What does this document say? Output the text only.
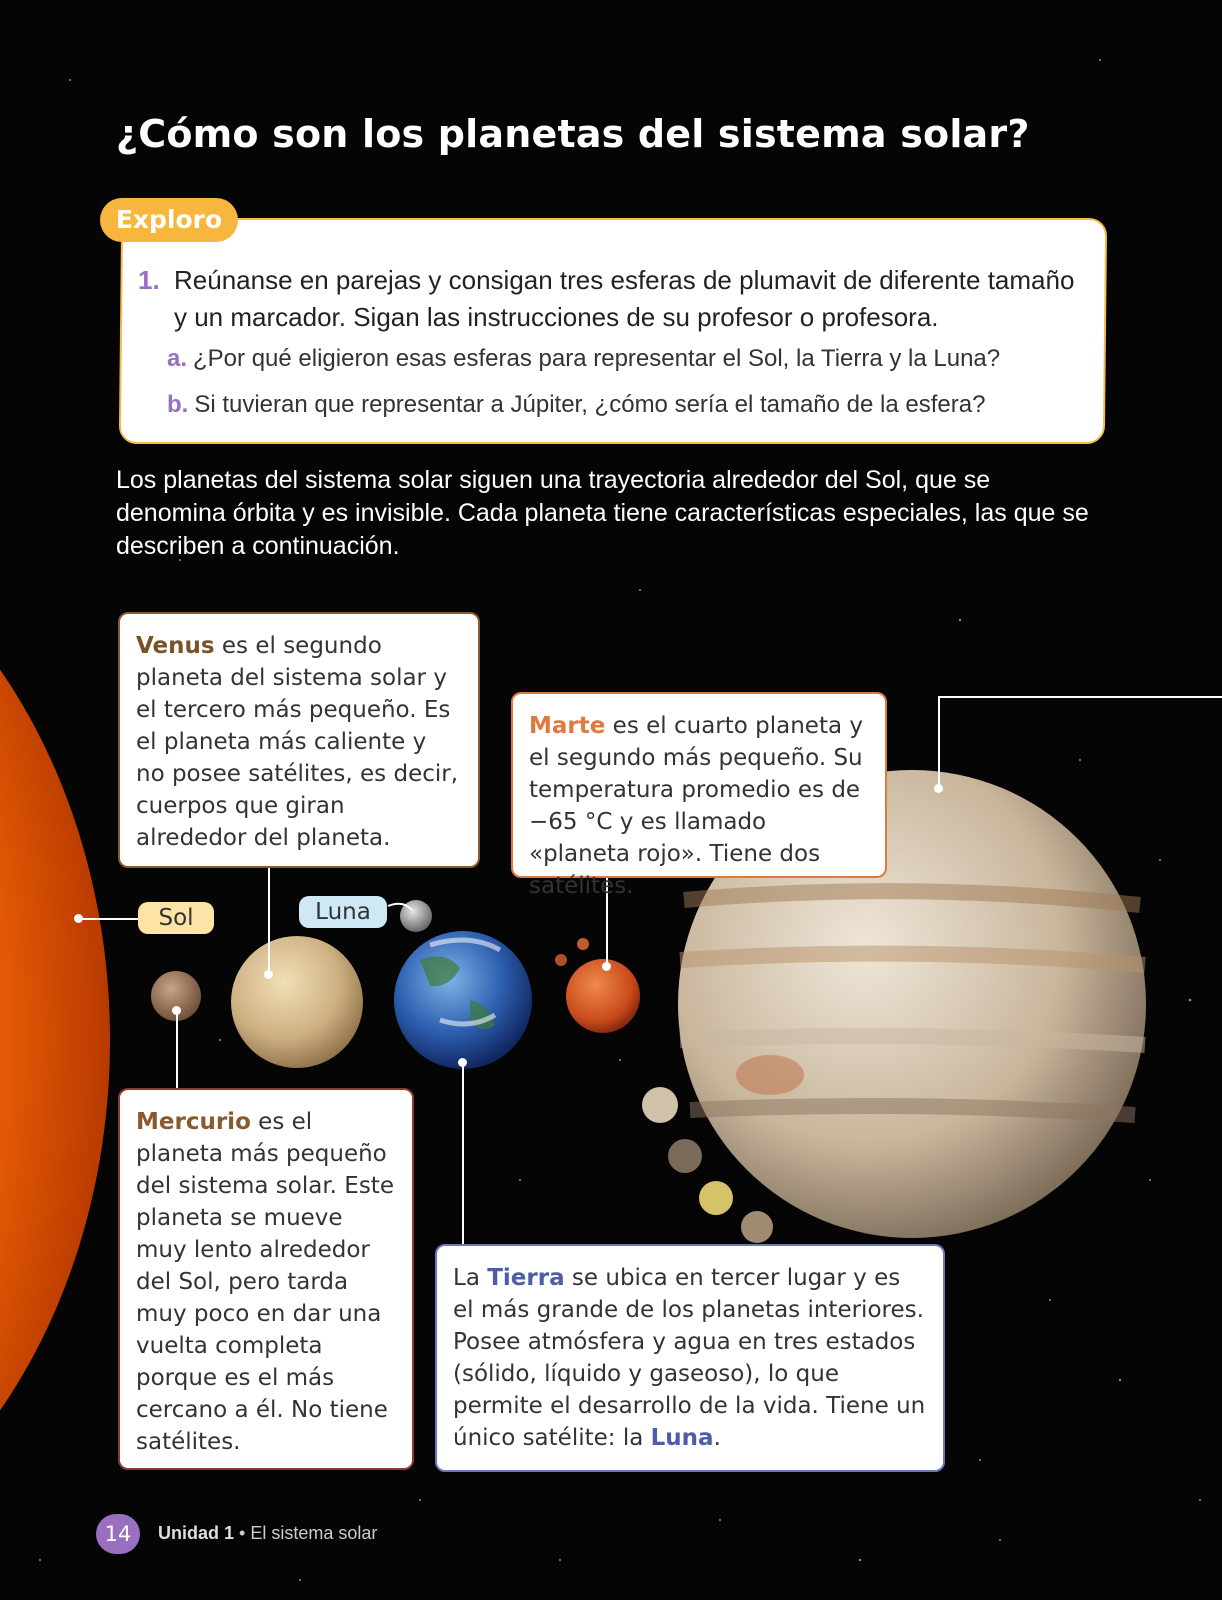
¿Cómo son los planetas del sistema solar?
Exploro
1. Reúnanse en parejas y consigan tres esferas de plumavit de diferente tamaño y un marcador. Sigan las instrucciones de su profesor o profesora.
a. ¿Por qué eligieron esas esferas para representar el Sol, la Tierra y la Luna?
b. Si tuvieran que representar a Júpiter, ¿cómo sería el tamaño de la esfera?

Los planetas del sistema solar siguen una trayectoria alrededor del Sol, que se denomina órbita y es invisible. Cada planeta tiene características especiales, las que se describen a continuación.

Sol	Luna
Venus es el segundo planeta del sistema solar y el tercero más pequeño. Es el planeta más caliente y no posee satélites, es decir, cuerpos que giran alrededor del planeta.
Marte es el cuarto planeta y el segundo más pequeño. Su temperatura promedio es de −65 °C y es llamado «planeta rojo». Tiene dos satélites.
Mercurio es el planeta más pequeño del sistema solar. Este planeta se mueve muy lento alrededor del Sol, pero tarda muy poco en dar una vuelta completa porque es el más cercano a él. No tiene satélites.
La Tierra se ubica en tercer lugar y es el más grande de los planetas interiores. Posee atmósfera y agua en tres estados (sólido, líquido y gaseoso), lo que permite el desarrollo de la vida. Tiene un único satélite: la Luna.
14	Unidad 1 • El sistema solar
